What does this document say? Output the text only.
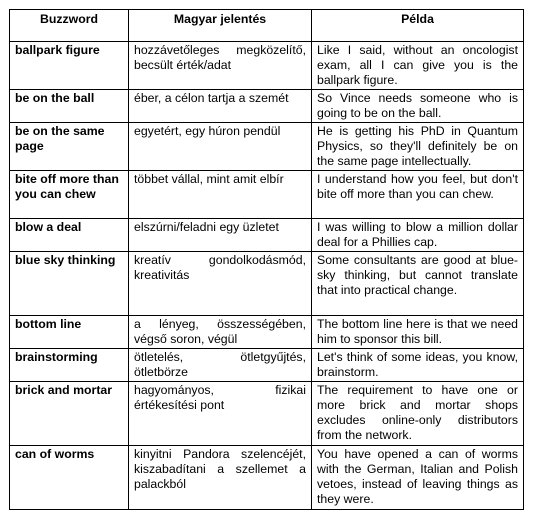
Buzzword	Magyar jelentés	Példa
ballpark figure	hozzávetőleges megközelítő, becsült érték/adat	Like I said, without an oncologist exam, all I can give you is the ballpark figure.
be on the ball	éber, a célon tartja a szemét	So Vince needs someone who is going to be on the ball.
be on the same page	egyetért, egy húron pendül	He is getting his PhD in Quantum Physics, so they'll definitely be on the same page intellectually.
bite off more than you can chew	többet vállal, mint amit elbír	I understand how you feel, but don't bite off more than you can chew.
blow a deal	elszúrni/feladni egy üzletet	I was willing to blow a million dollar deal for a Phillies cap.
blue sky thinking	kreatív gondolkodásmód, kreativitás	Some consultants are good at blue-sky thinking, but cannot translate that into practical change.
bottom line	a lényeg, összességében, végső soron, végül	The bottom line here is that we need him to sponsor this bill.
brainstorming	ötletelés, ötletgyűjtés, ötletbörze	Let's think of some ideas, you know, brainstorm.
brick and mortar	hagyományos, fizikai értékesítési pont	The requirement to have one or more brick and mortar shops excludes online-only distributors from the network.
can of worms	kinyitni Pandora szelencéjét, kiszabadítani a szellemet a palackból	You have opened a can of worms with the German, Italian and Polish vetoes, instead of leaving things as they were.
